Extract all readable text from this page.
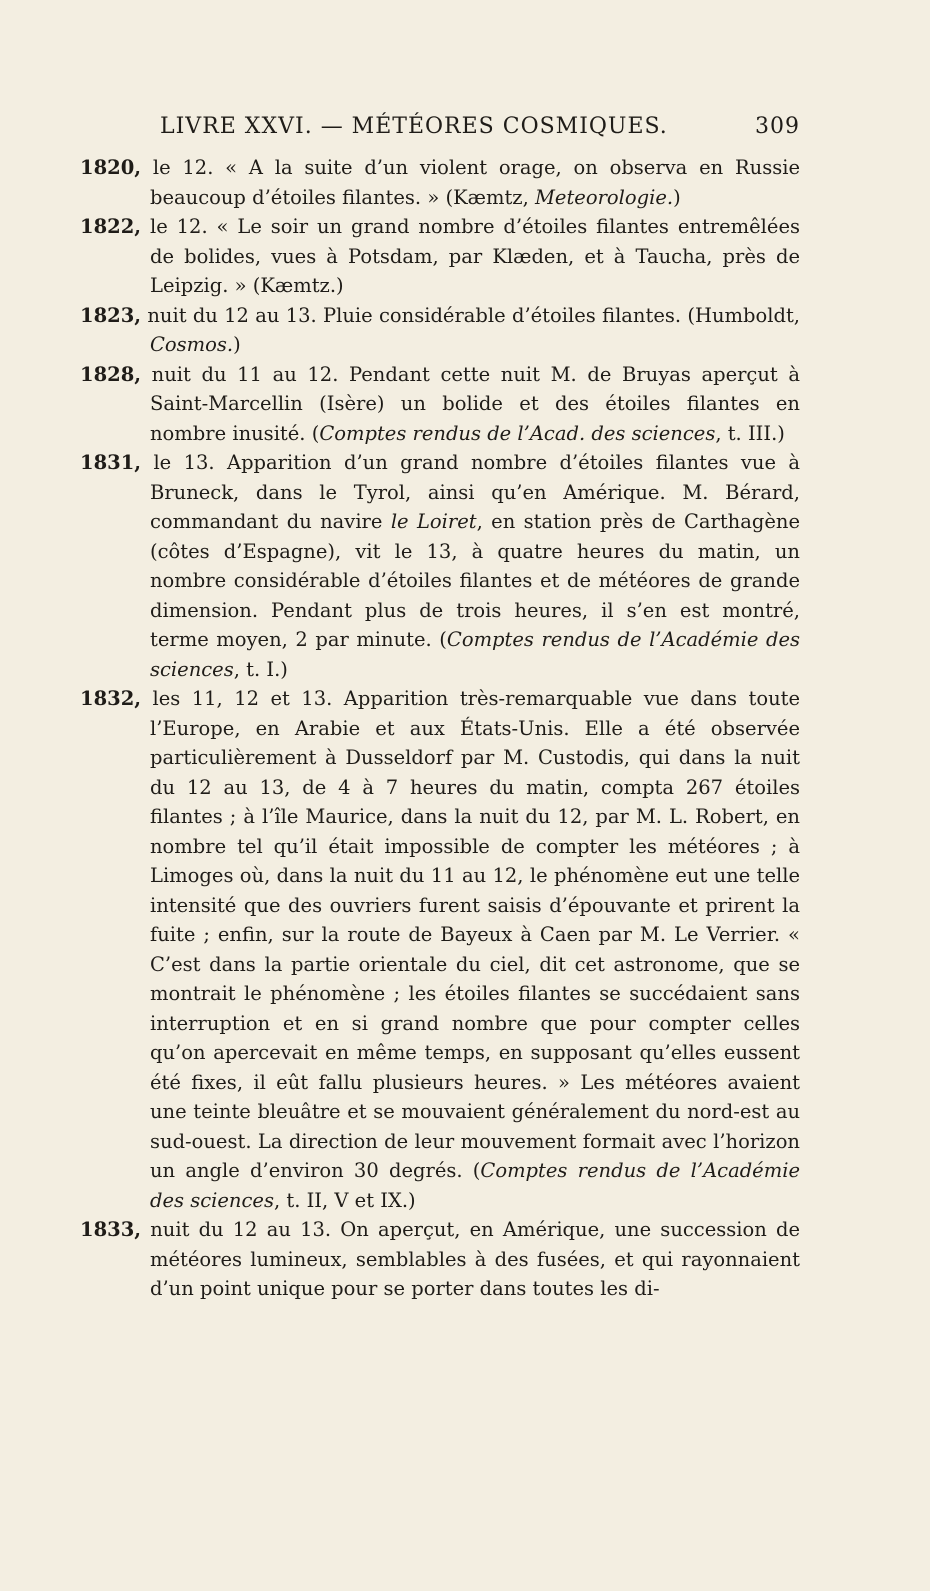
LIVRE XXVI. — MÉTÉORES COSMIQUES.	309

1820, le 12. « A la suite d’un violent orage, on observa en Russie beaucoup d’étoiles filantes. » (Kæmtz, Meteorologie.)

1822, le 12. « Le soir un grand nombre d’étoiles filantes entremêlées de bolides, vues à Potsdam, par Klæden, et à Taucha, près de Leipzig. » (Kæmtz.)

1823, nuit du 12 au 13. Pluie considérable d’étoiles filantes. (Humboldt, Cosmos.)

1828, nuit du 11 au 12. Pendant cette nuit M. de Bruyas aperçut à Saint-Marcellin (Isère) un bolide et des étoiles filantes en nombre inusité. (Comptes rendus de l’Acad. des sciences, t. III.)

1831, le 13. Apparition d’un grand nombre d’étoiles filantes vue à Bruneck, dans le Tyrol, ainsi qu’en Amérique. M. Bérard, commandant du navire le Loiret, en station près de Carthagène (côtes d’Espagne), vit le 13, à quatre heures du matin, un nombre considérable d’étoiles filantes et de météores de grande dimension. Pendant plus de trois heures, il s’en est montré, terme moyen, 2 par minute. (Comptes rendus de l’Académie des sciences, t. I.)

1832, les 11, 12 et 13. Apparition très-remarquable vue dans toute l’Europe, en Arabie et aux États-Unis. Elle a été observée particulièrement à Dusseldorf par M. Custodis, qui dans la nuit du 12 au 13, de 4 à 7 heures du matin, compta 267 étoiles filantes ; à l’île Maurice, dans la nuit du 12, par M. L. Robert, en nombre tel qu’il était impossible de compter les météores ; à Limoges où, dans la nuit du 11 au 12, le phénomène eut une telle intensité que des ouvriers furent saisis d’épouvante et prirent la fuite ; enfin, sur la route de Bayeux à Caen par M. Le Verrier. « C’est dans la partie orientale du ciel, dit cet astronome, que se montrait le phénomène ; les étoiles filantes se succédaient sans interruption et en si grand nombre que pour compter celles qu’on apercevait en même temps, en supposant qu’elles eussent été fixes, il eût fallu plusieurs heures. » Les météores avaient une teinte bleuâtre et se mouvaient généralement du nord-est au sud-ouest. La direction de leur mouvement formait avec l’horizon un angle d’environ 30 degrés. (Comptes rendus de l’Académie des sciences, t. II, V et IX.)

1833, nuit du 12 au 13. On aperçut, en Amérique, une succession de météores lumineux, semblables à des fusées, et qui rayonnaient d’un point unique pour se porter dans toutes les di-
